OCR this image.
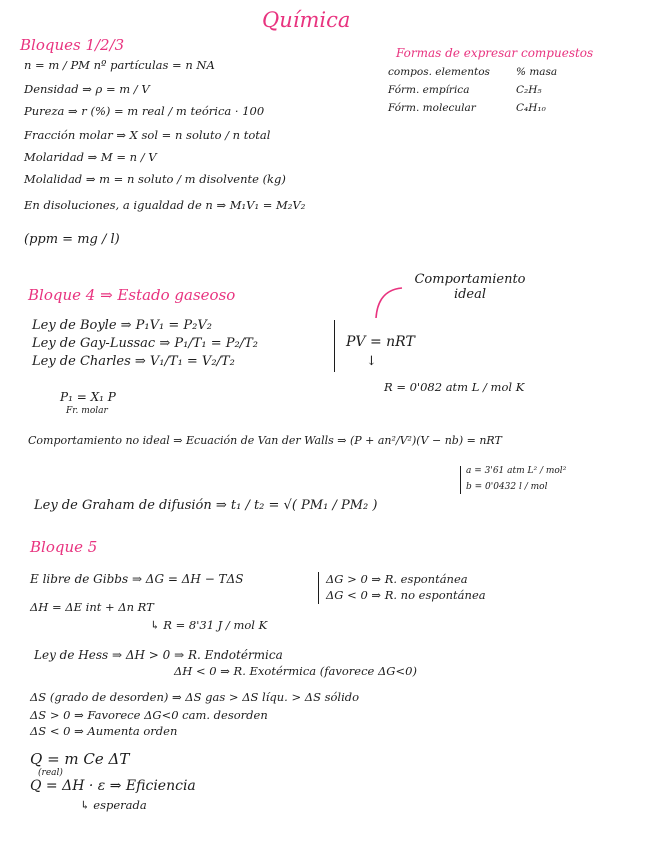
Química
Bloques 1/2/3
n = m / PM nº partículas = n NA
Densidad ⇒ ρ = m / V
Pureza ⇒ r (%) = m real / m teórica · 100
Fracción molar ⇒ X sol = n soluto / n total
Molaridad ⇒ M = n / V
Molalidad ⇒ m = n soluto / m disolvente (kg)
En disoluciones, a igualdad de n ⇒ M₁V₁ = M₂V₂
(ppm = mg / l)
Formas de expresar compuestos
compos. elementos % masa
Fórm. empírica	C₂H₅
Fórm. molecular	C₄H₁₀
Bloque 4 ⇒ Estado gaseoso
Comportamiento ideal
Ley de Boyle ⇒ P₁V₁ = P₂V₂
Ley de Gay-Lussac ⇒ P₁/T₁ = P₂/T₂
Ley de Charles ⇒ V₁/T₁ = V₂/T₂
PV = nRT
↓
R = 0'082 atm L / mol K
P₁ = X₁ P
Fr. molar
Comportamiento no ideal ⇒ Ecuación de Van der Walls ⇒ (P + an²/V²)(V − nb) = nRT
a = 3'61 atm L² / mol²
b = 0'0432 l / mol
Ley de Graham de difusión ⇒ t₁ / t₂ = √( PM₁ / PM₂ )
Bloque 5
E libre de Gibbs ⇒ ΔG = ΔH − TΔS	ΔG > 0 ⇒ R. espontánea
ΔG < 0 ⇒ R. no espontánea
ΔH = ΔE int + Δn RT
↳ R = 8'31 J / mol K
Ley de Hess ⇒ ΔH > 0 ⇒ R. Endotérmica
ΔH < 0 ⇒ R. Exotérmica (favorece ΔG<0)
ΔS (grado de desorden) ⇒ ΔS gas > ΔS líqu. > ΔS sólido
ΔS > 0 ⇒ Favorece ΔG<0 cam. desorden
ΔS < 0 ⇒ Aumenta orden
Q = m Ce ΔT
(real)
Q = ΔH · ε ⇒ Eficiencia
↳ esperada
